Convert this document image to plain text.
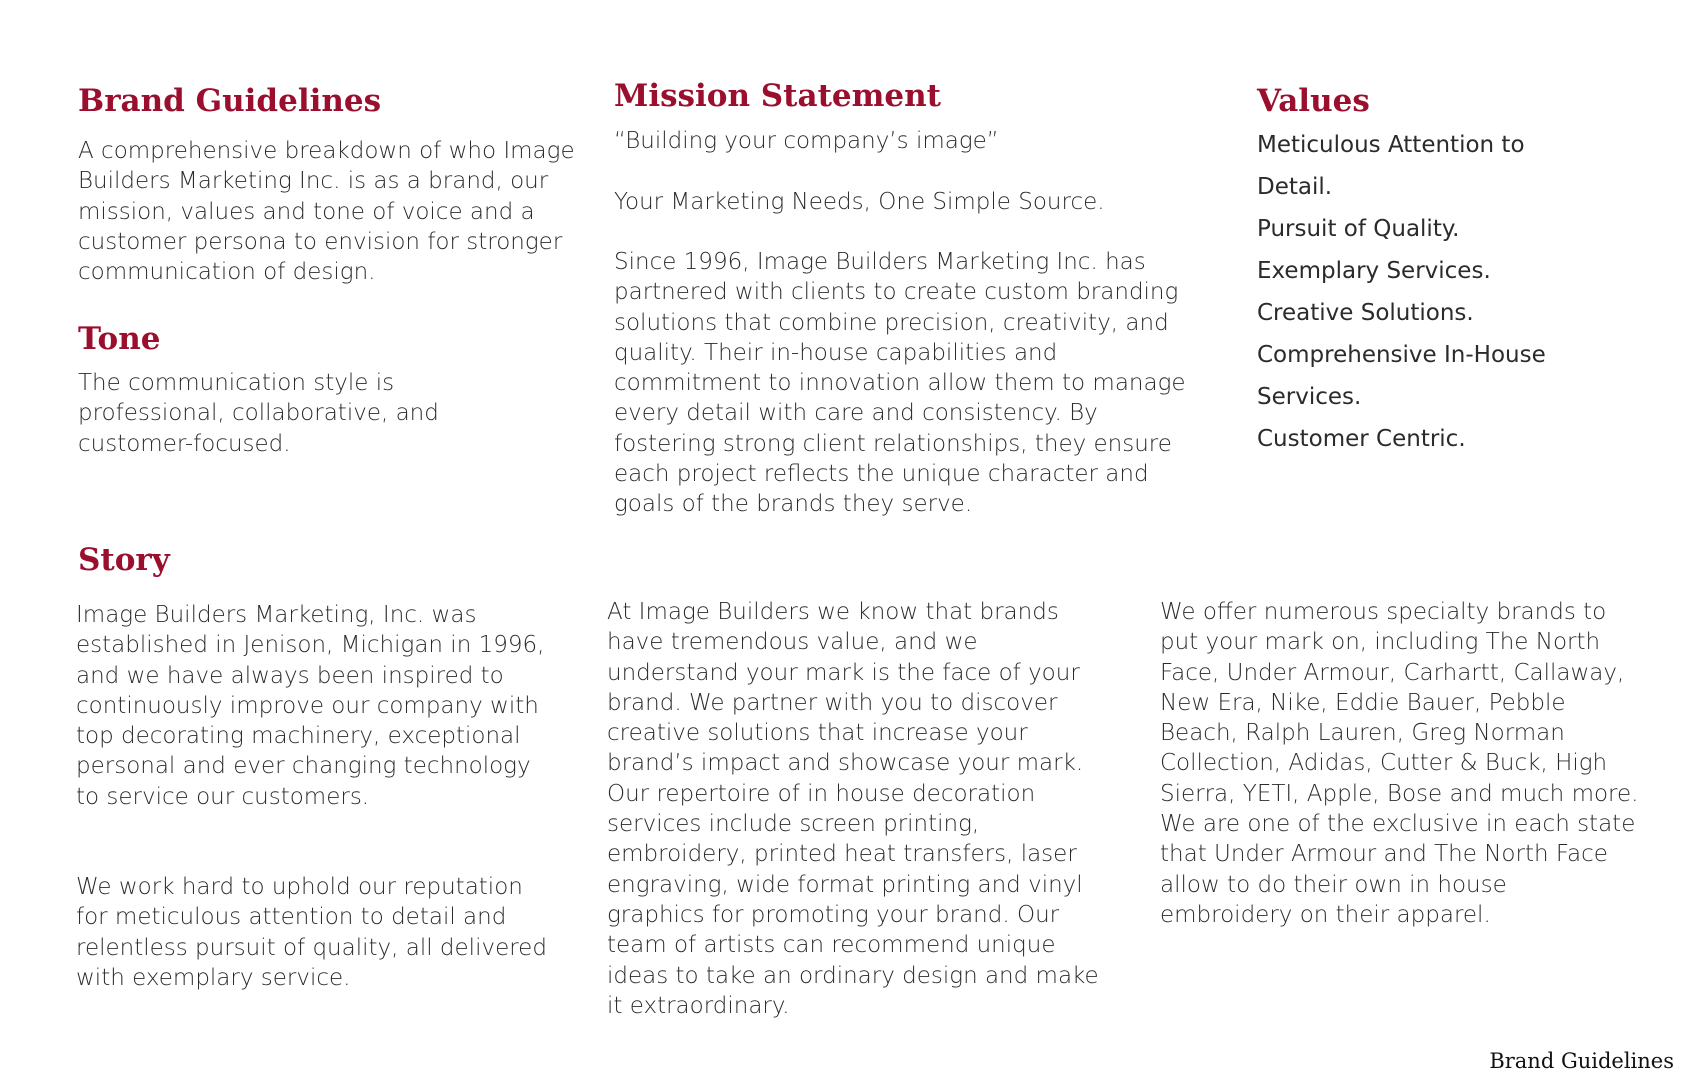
Brand Guidelines

A comprehensive breakdown of who Image Builders Marketing Inc. is as a brand, our mission, values and tone of voice and a customer persona to envision for stronger communication of design.

Tone

The communication style is professional, collaborative, and customer-focused.

Mission Statement

“Building your company’s image”

Your Marketing Needs, One Simple Source.

Since 1996, Image Builders Marketing Inc. has partnered with clients to create custom branding solutions that combine precision, creativity, and quality. Their in-house capabilities and commitment to innovation allow them to manage every detail with care and consistency. By fostering strong client relationships, they ensure each project reflects the unique character and goals of the brands they serve.

Values
Meticulous Attention to Detail.
Pursuit of Quality.
Exemplary Services.
Creative Solutions.
Comprehensive In-House Services.
Customer Centric.
Story

Image Builders Marketing, Inc. was established in Jenison, Michigan in 1996, and we have always been inspired to continuously improve our company with top decorating machinery, exceptional personal and ever changing technology to service our customers.

We work hard to uphold our reputation for meticulous attention to detail and relentless pursuit of quality, all delivered with exemplary service.

At Image Builders we know that brands have tremendous value, and we understand your mark is the face of your brand. We partner with you to discover creative solutions that increase your brand’s impact and showcase your mark. Our repertoire of in house decoration services include screen printing, embroidery, printed heat transfers, laser engraving, wide format printing and vinyl graphics for promoting your brand. Our team of artists can recommend unique ideas to take an ordinary design and make it extraordinary.

We offer numerous specialty brands to put your mark on, including The North Face, Under Armour, Carhartt, Callaway, New Era, Nike, Eddie Bauer, Pebble Beach, Ralph Lauren, Greg Norman Collection, Adidas, Cutter & Buck, High Sierra, YETI, Apple, Bose and much more. We are one of the exclusive in each state that Under Armour and The North Face allow to do their own in house embroidery on their apparel.

Brand Guidelines
